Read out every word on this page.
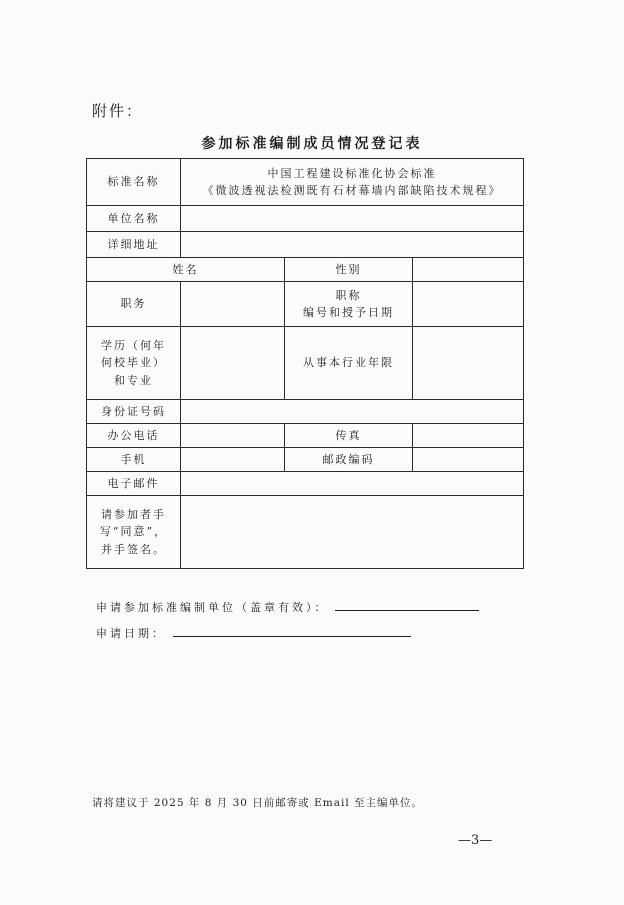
附件：
参加标准编制成员情况登记表
标准名称	中国工程建设标准化协会标准
《微波透视法检测既有石材幕墙内部缺陷技术规程》		

单位名称			
详细地址			
姓名		性别	
职务		职称
编号和授予日期	

学历（何年
何校毕业）
和专业		从事本行业年限	
身份证号码			
办公电话		传真	
手机		邮政编码	
电子邮件			

请参加者手
写“同意”，
并手签名。			

申请参加标准编制单位（盖章有效）：
申请日期：
请将建议于 2025 年 8 月 30 日前邮寄或 Email 至主编单位。
—3—
